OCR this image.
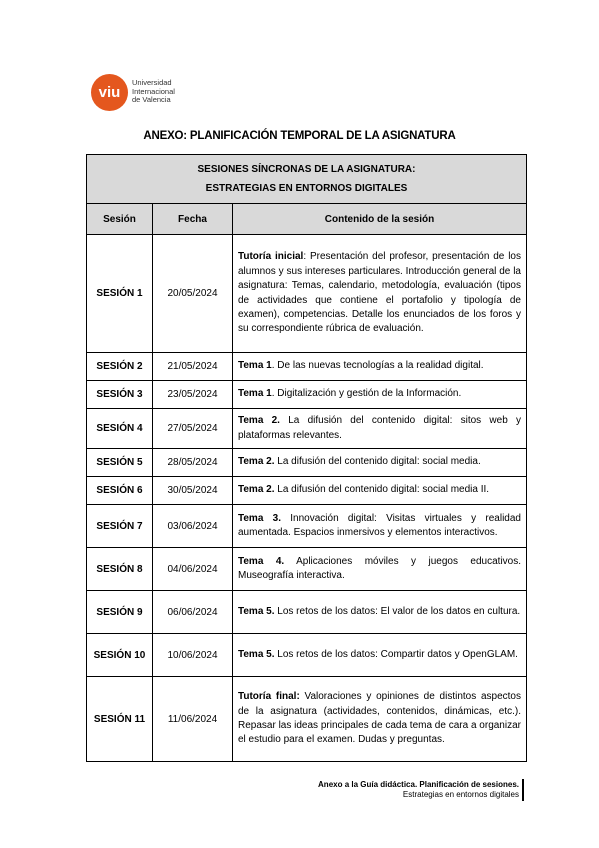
viu
Universidad
Internacional
de Valencia
ANEXO: PLANIFICACIÓN TEMPORAL DE LA ASIGNATURA
SESIONES SÍNCRONAS DE LA ASIGNATURA:
ESTRATEGIAS EN ENTORNOS DIGITALES		

Sesión	Fecha	Contenido de la sesión
SESIÓN 1	20/05/2024	Tutoría inicial: Presentación del profesor, presentación de los alumnos y sus intereses particulares. Introducción general de la asignatura: Temas, calendario, metodología, evaluación (tipos de actividades que contiene el portafolio y tipología de examen), competencias. Detalle los enunciados de los foros y su correspondiente rúbrica de evaluación.
SESIÓN 2	21/05/2024	Tema 1. De las nuevas tecnologías a la realidad digital.
SESIÓN 3	23/05/2024	Tema 1. Digitalización y gestión de la Información.
SESIÓN 4	27/05/2024	Tema 2. La difusión del contenido digital: sitos web y plataformas relevantes.
SESIÓN 5	28/05/2024	Tema 2. La difusión del contenido digital: social media.
SESIÓN 6	30/05/2024	Tema 2. La difusión del contenido digital: social media II.
SESIÓN 7	03/06/2024	Tema 3. Innovación digital: Visitas virtuales y realidad aumentada. Espacios inmersivos y elementos interactivos.
SESIÓN 8	04/06/2024	Tema 4. Aplicaciones móviles y juegos educativos. Museografía interactiva.
SESIÓN 9	06/06/2024	Tema 5. Los retos de los datos: El valor de los datos en cultura.
SESIÓN 10	10/06/2024	Tema 5. Los retos de los datos: Compartir datos y OpenGLAM.
SESIÓN 11	11/06/2024	Tutoría final: Valoraciones y opiniones de distintos aspectos de la asignatura (actividades, contenidos, dinámicas, etc.). Repasar las ideas principales de cada tema de cara a organizar el estudio para el examen. Dudas y preguntas.
Anexo a la Guía didáctica. Planificación de sesiones.
Estrategias en entornos digitales
